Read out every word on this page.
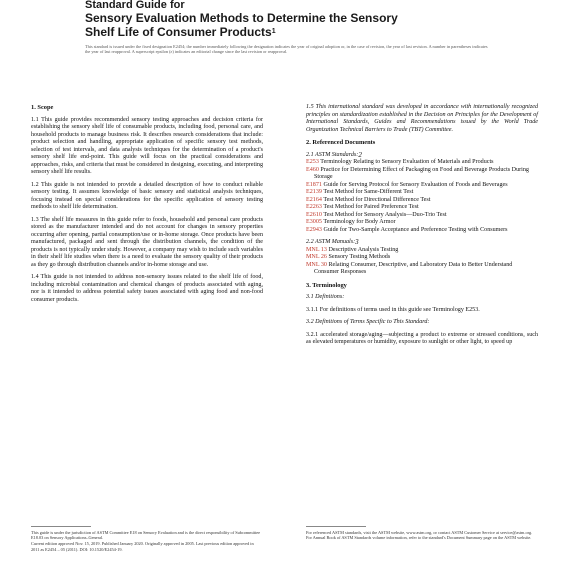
Standard Guide for

Sensory Evaluation Methods to Determine the Sensory

Shelf Life of Consumer Products$^1$

This standard is issued under the fixed designation E2454; the number immediately following the designation indicates the year of original adoption or, in the case of revision, the year of last revision. A number in parentheses indicates the year of last reapproval. A superscript epsilon (ε) indicates an editorial change since the last revision or reapproval.

1. Scope

1.1 This guide provides recommended sensory testing approaches and decision criteria for establishing the sensory shelf life of consumable products, including food, personal care, and household products to manage business risk. It describes research considerations that include: product selection and handling, appropriate application of specific sensory test methods, selection of test intervals, and data analysis techniques for the determination of a product's sensory shelf life end-point. This guide will focus on the practical considerations and approaches, risks, and criteria that must be considered in designing, executing, and interpreting sensory shelf life results.

1.2 This guide is not intended to provide a detailed description of how to conduct reliable sensory testing. It assumes knowledge of basic sensory and statistical analysis techniques, focusing instead on special considerations for the specific application of sensory testing methods to shelf life determination.

1.3 The shelf life measures in this guide refer to foods, household and personal care products stored as the manufacturer intended and do not account for changes in sensory properties occurring after opening, partial consumption/use or in-home storage. Once products have been manufactured, packaged and sent through the distribution channels, the condition of the products is not typically under study. However, a company may wish to include such variables in their shelf life studies when there is a need to evaluate the sensory quality of their products as they go through distribution channels and/or in-home storage and use.

1.4 This guide is not intended to address non-sensory issues related to the shelf life of food, including microbial contamination and chemical changes of products associated with aging, nor is it intended to address potential safety issues associated with aging food and non-food consumer products.

1.5 This international standard was developed in accordance with internationally recognized principles on standardization established in the Decision on Principles for the Development of International Standards, Guides and Recommendations issued by the World Trade Organization Technical Barriers to Trade (TBT) Committee.

2. Referenced Documents

2.1 ASTM Standards:2

E253 Terminology Relating to Sensory Evaluation of Materials and Products
E460 Practice for Determining Effect of Packaging on Food and Beverage Products During Storage
E1871 Guide for Serving Protocol for Sensory Evaluation of Foods and Beverages
E2139 Test Method for Same-Different Test
E2164 Test Method for Directional Difference Test
E2263 Test Method for Paired Preference Test
E2610 Test Method for Sensory Analysis—Duo-Trio Test
E3005 Terminology for Body Armor
E2943 Guide for Two-Sample Acceptance and Preference Testing with Consumers

2.2 ASTM Manuals:3

MNL 13 Descriptive Analysis Testing
MNL 26 Sensory Testing Methods
MNL 30 Relating Consumer, Descriptive, and Laboratory Data to Better Understand Consumer Responses

3. Terminology

3.1 Definitions:

3.1.1 For definitions of terms used in this guide see Terminology E253.

3.2 Definitions of Terms Specific to This Standard:

3.2.1 accelerated storage/aging—subjecting a product to extreme or stressed conditions, such as elevated temperatures or humidity, exposure to sunlight or other light, to speed up

This guide is under the jurisdiction of ASTM Committee E18 on Sensory Evaluation and is the direct responsibility of Subcommittee E18.03 on Sensory Applications–General.

Current edition approved Nov. 15, 2019. Published January 2020. Originally approved in 2005. Last previous edition approved in 2011 as E2454 – 05 (2011). DOI: 10.1520/E2454-19.

For referenced ASTM standards, visit the ASTM website, www.astm.org, or contact ASTM Customer Service at service@astm.org. For Annual Book of ASTM Standards volume information, refer to the standard's Document Summary page on the ASTM website.
